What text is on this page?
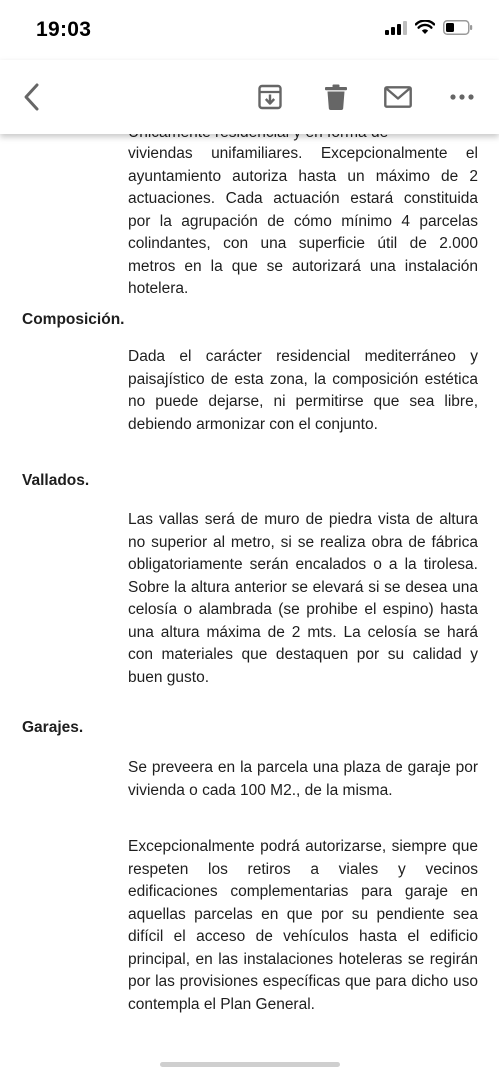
viviendas unifamiliares. Excepcionalmente el ayuntamiento autoriza hasta un máximo de 2 actuaciones. Cada actuación estará constituida por la agrupación de cómo mínimo 4 parcelas colindantes, con una superficie útil de 2.000 metros en la que se autorizará una instalación hotelera.
Composición.
Dada el carácter residencial mediterráneo y paisajístico de esta zona, la composición estética no puede dejarse, ni permitirse que sea libre, debiendo armonizar con el conjunto.
Vallados.
Las vallas será de muro de piedra vista de altura no superior al metro, si se realiza obra de fábrica obligatoriamente serán encalados o a la tirolesa. Sobre la altura anterior se elevará si se desea una celosía o alambrada (se prohibe el espino) hasta una altura máxima de 2 mts. La celosía se hará con materiales que destaquen por su calidad y buen gusto.
Garajes.
Se preveera en la parcela una plaza de garaje por vivienda o cada 100 M2., de la misma.
Excepcionalmente podrá autorizarse, siempre que respeten los retiros a viales y vecinos edificaciones complementarias para garaje en aquellas parcelas en que por su pendiente sea difícil el acceso de vehículos hasta el edificio principal, en las instalaciones hoteleras se regirán por las provisiones específicas que para dicho uso contempla el Plan General.
19:03
